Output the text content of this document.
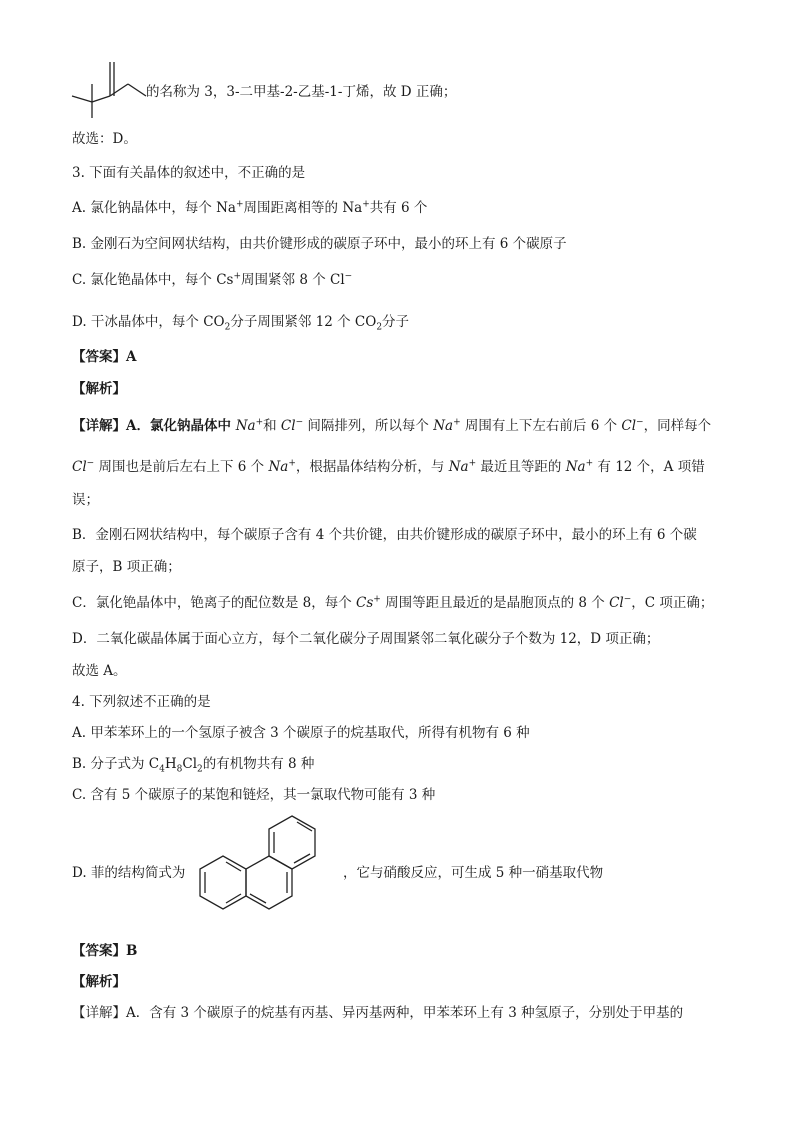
的名称为 3，3-二甲基-2-乙基-1-丁烯，故 D 正确；
故选：D。
3. 下面有关晶体的叙述中，不正确的是
A. 氯化钠晶体中，每个 Na+周围距离相等的 Na+共有 6 个
B. 金刚石为空间网状结构，由共价键形成的碳原子环中，最小的环上有 6 个碳原子
C. 氯化铯晶体中，每个 Cs+周围紧邻 8 个 Cl−
D. 干冰晶体中，每个 $CO_2$分子周围紧邻 12 个 $CO_2$分子
【答案】A
【解析】
【详解】A．氯化钠晶体中 Na+和 Cl− 间隔排列，所以每个 Na+ 周围有上下左右前后 6 个 Cl−，同样每个
Cl− 周围也是前后左右上下 6 个 Na+，根据晶体结构分析，与 Na+ 最近且等距的 Na+ 有 12 个，A 项错
误；
B．金刚石网状结构中，每个碳原子含有 4 个共价键，由共价键形成的碳原子环中，最小的环上有 6 个碳
原子，B 项正确；
C．氯化铯晶体中，铯离子的配位数是 8，每个 Cs+ 周围等距且最近的是晶胞顶点的 8 个 Cl−，C 项正确；
D．二氧化碳晶体属于面心立方，每个二氧化碳分子周围紧邻二氧化碳分子个数为 12，D 项正确；
故选 A。
4. 下列叙述不正确的是
A. 甲苯苯环上的一个氢原子被含 3 个碳原子的烷基取代，所得有机物有 6 种
B. 分子式为 $C_4H_8Cl_2$的有机物共有 8 种
C. 含有 5 个碳原子的某饱和链烃，其一氯取代物可能有 3 种
D. 菲的结构简式为	，它与硝酸反应，可生成 5 种一硝基取代物
【答案】B
【解析】
【详解】A．含有 3 个碳原子的烷基有丙基、异丙基两种，甲苯苯环上有 3 种氢原子，分别处于甲基的
